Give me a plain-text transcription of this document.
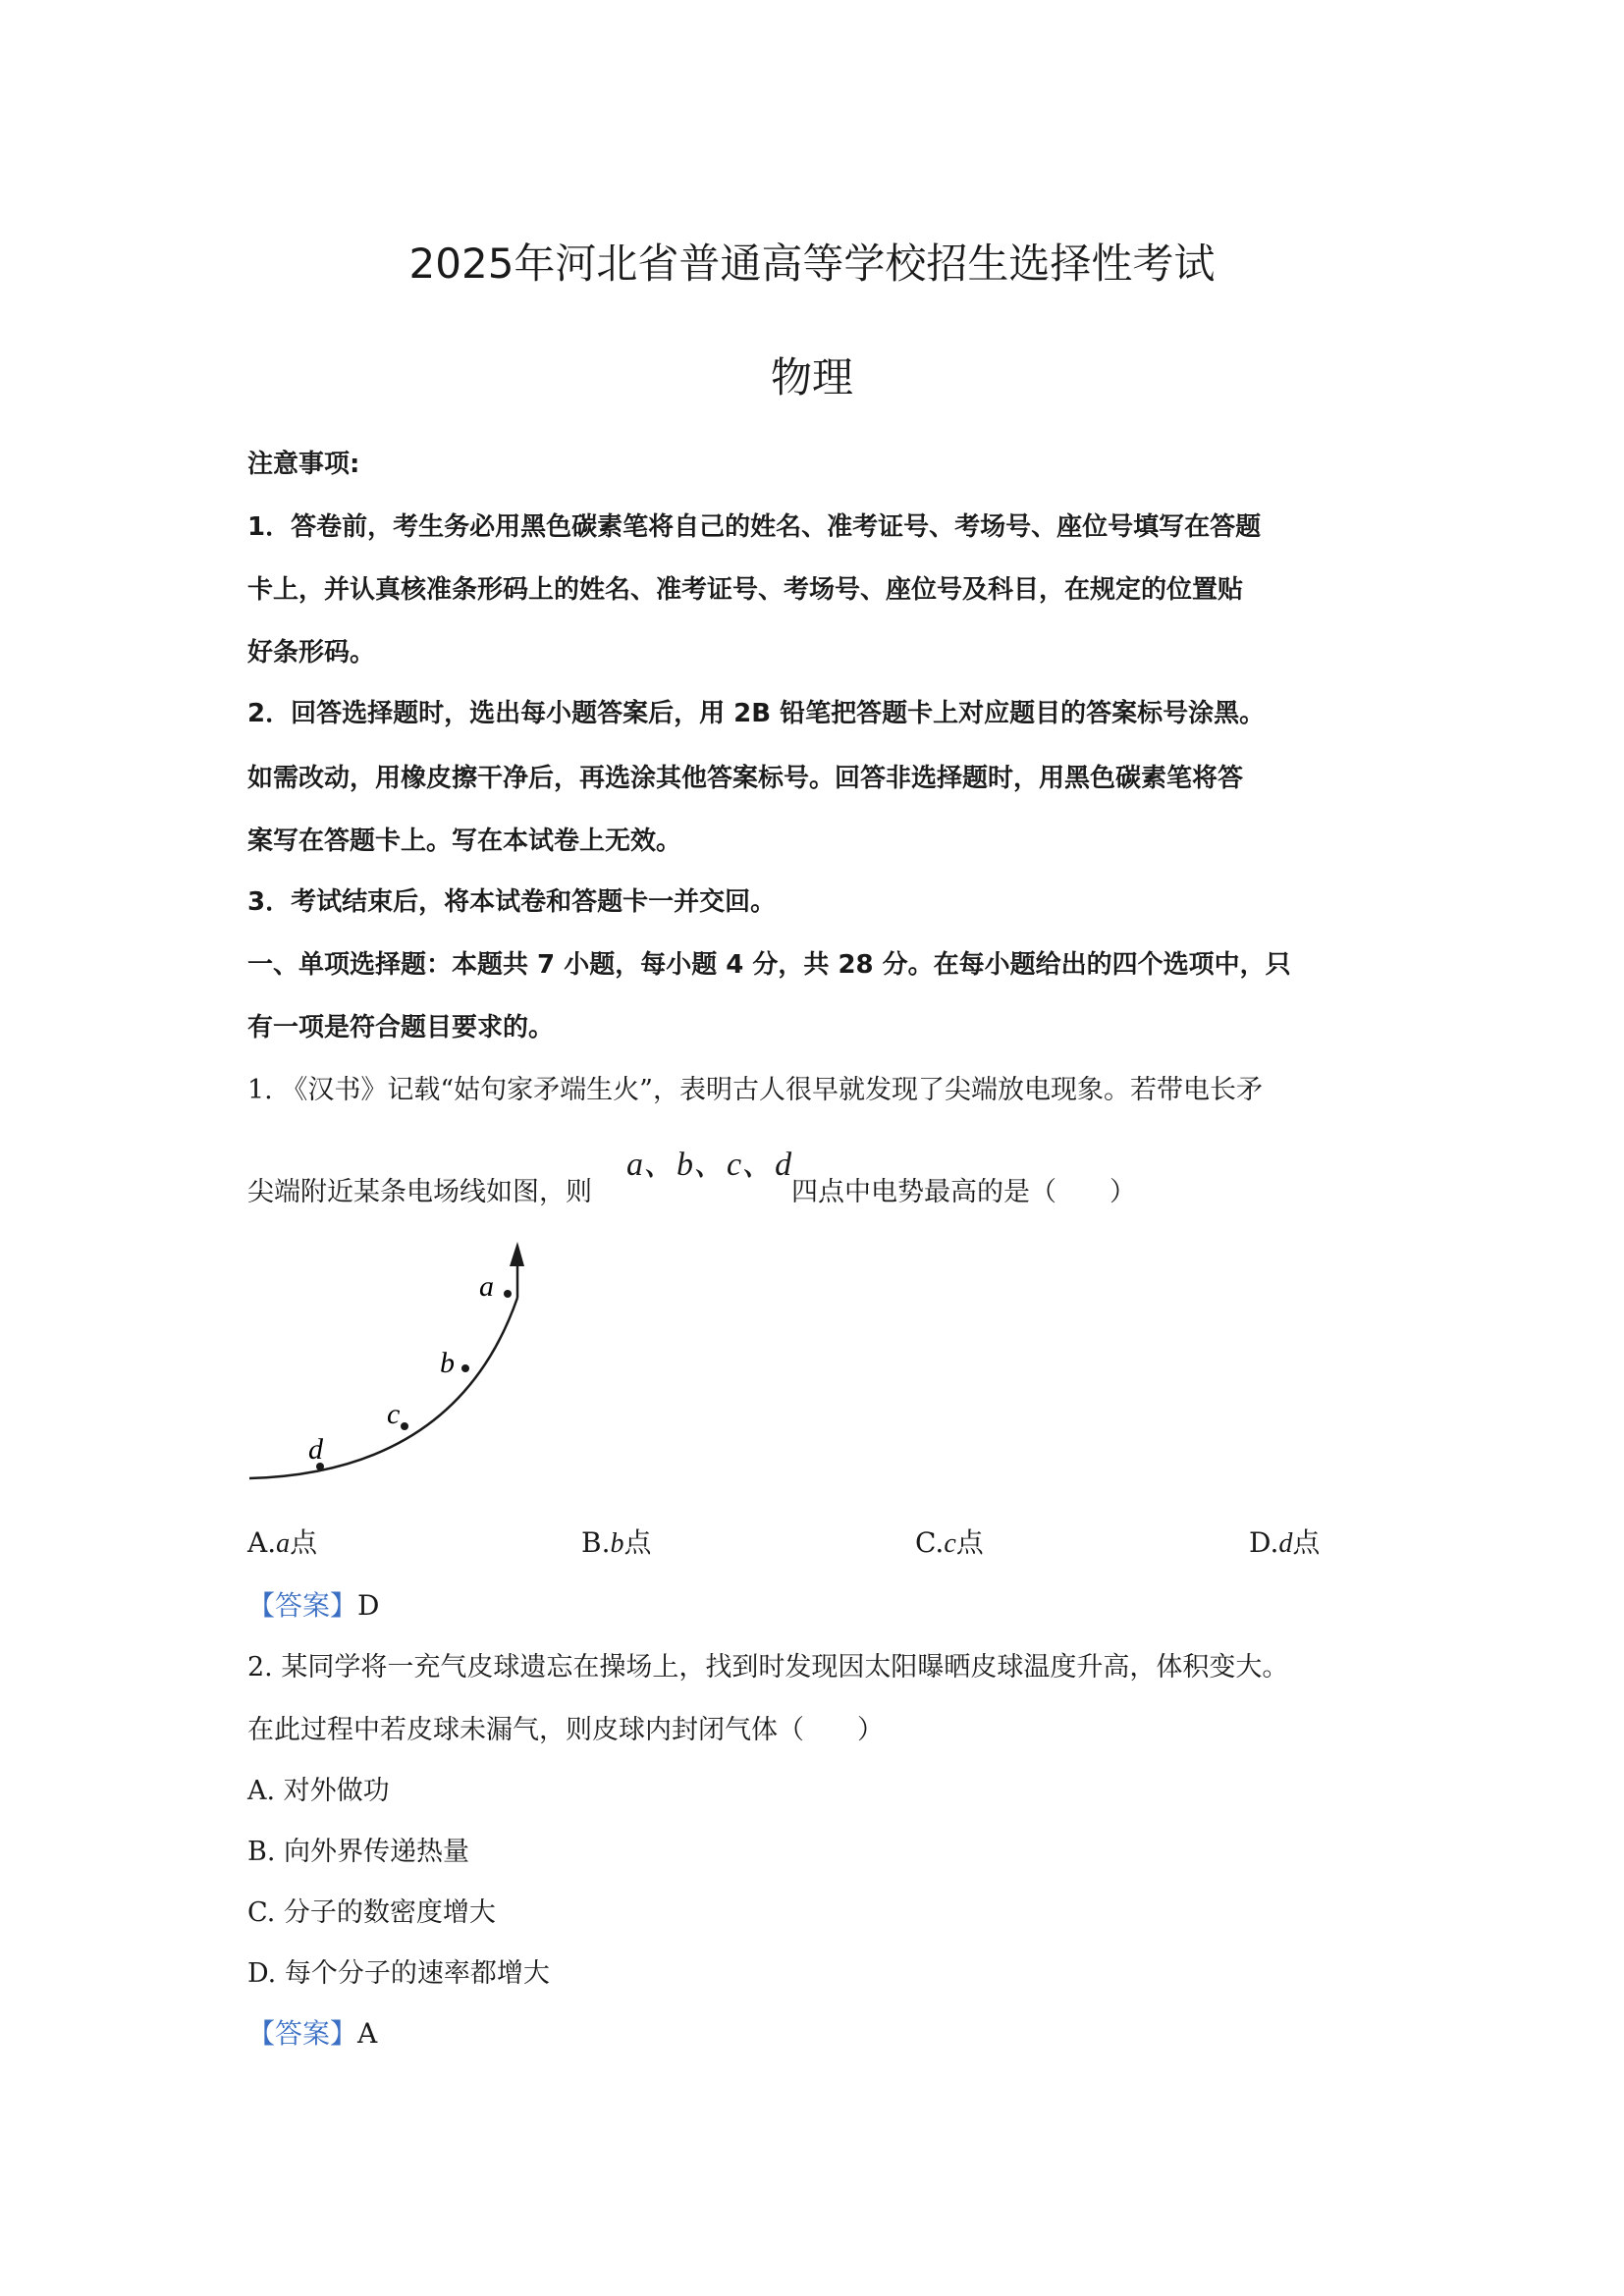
2025年河北省普通高等学校招生选择性考试
物理
注意事项:
1．答卷前，考生务必用黑色碳素笔将自己的姓名、准考证号、考场号、座位号填写在答题
卡上，并认真核准条形码上的姓名、准考证号、考场号、座位号及科目，在规定的位置贴
好条形码。
2．回答选择题时，选出每小题答案后，用 2B 铅笔把答题卡上对应题目的答案标号涂黑。
如需改动，用橡皮擦干净后，再选涂其他答案标号。回答非选择题时，用黑色碳素笔将答
案写在答题卡上。写在本试卷上无效。
3．考试结束后，将本试卷和答题卡一并交回。
一、单项选择题：本题共 7 小题，每小题 4 分，共 28 分。在每小题给出的四个选项中，只
有一项是符合题目要求的。
1. 《汉书》记载“姑句家矛端生火”，表明古人很早就发现了尖端放电现象。若带电长矛
尖端附近某条电场线如图，则
a、b、c、d
四点中电势最高的是（　　）
a
b
c
d
A.a点	B.b点	C.c点	D.d点
【答案】D
2. 某同学将一充气皮球遗忘在操场上，找到时发现因太阳曝晒皮球温度升高，体积变大。
在此过程中若皮球未漏气，则皮球内封闭气体（　　）
A. 对外做功
B. 向外界传递热量
C. 分子的数密度增大
D. 每个分子的速率都增大
【答案】A
